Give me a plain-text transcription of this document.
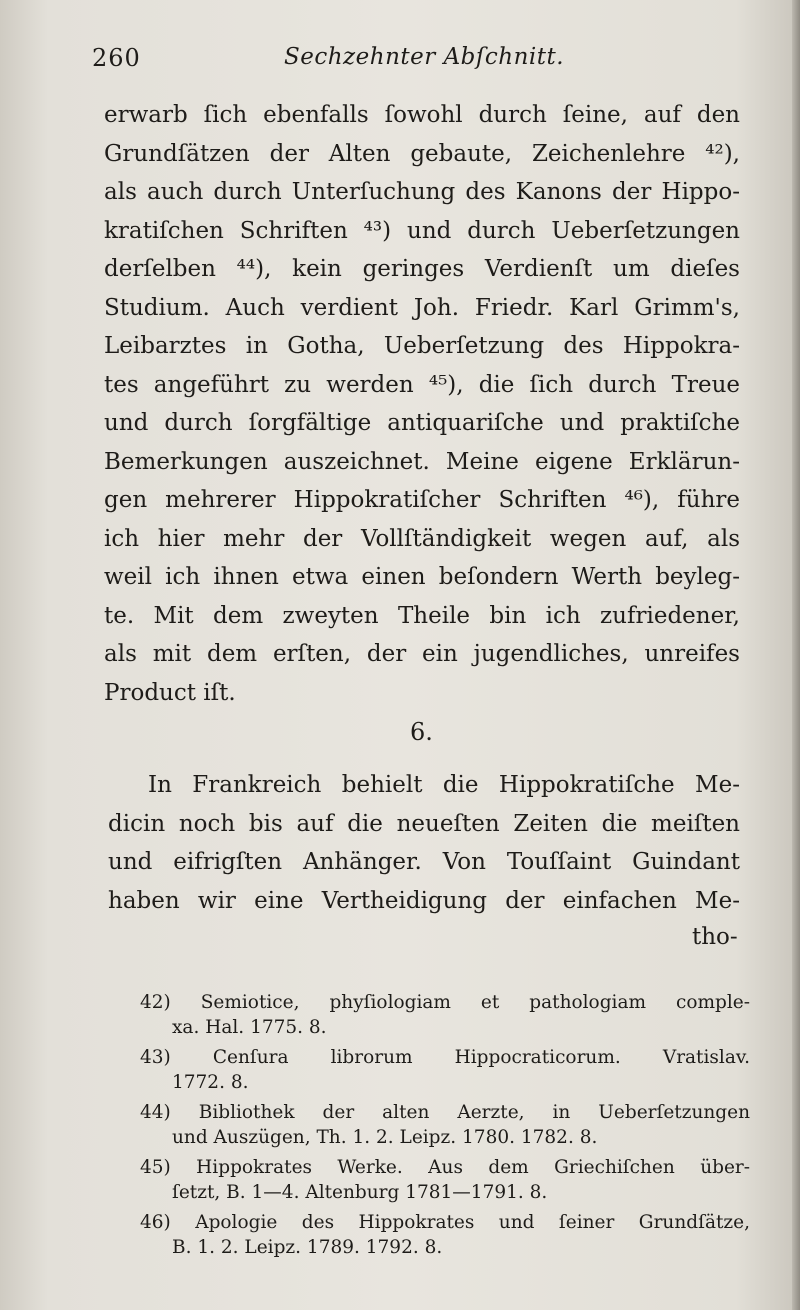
260	Sechzehnter Abſchnitt.
erwarb ſich ebenfalls ſowohl durch ſeine, auf den
Grundſätzen der Alten gebaute, Zeichenlehre ⁴²),
als auch durch Unterſuchung des Kanons der Hippo-
kratiſchen Schriften ⁴³) und durch Ueberſetzungen
derſelben ⁴⁴), kein geringes Verdienſt um dieſes
Studium. Auch verdient Joh. Friedr. Karl Grimm's,
Leibarztes in Gotha, Ueberſetzung des Hippokra-
tes angeführt zu werden ⁴⁵), die ſich durch Treue
und durch ſorgfältige antiquariſche und praktiſche
Bemerkungen auszeichnet. Meine eigene Erklärun-
gen mehrerer Hippokratiſcher Schriften ⁴⁶), führe
ich hier mehr der Vollſtändigkeit wegen auf, als
weil ich ihnen etwa einen beſondern Werth beyleg-
te. Mit dem zweyten Theile bin ich zufriedener,
als mit dem erſten, der ein jugendliches, unreifes
Product iſt.
6.
In Frankreich behielt die Hippokratiſche Me-
dicin noch bis auf die neueſten Zeiten die meiſten
und eifrigſten Anhänger. Von Touſſaint Guindant
haben wir eine Vertheidigung der einfachen Me-
tho-
42) Semiotice, phyſiologiam et pathologiam comple-
xa. Hal. 1775. 8.
43) Cenſura librorum Hippocraticorum. Vratislav.
1772. 8.
44) Bibliothek der alten Aerzte, in Ueberſetzungen
und Auszügen, Th. 1. 2. Leipz. 1780. 1782. 8.
45) Hippokrates Werke. Aus dem Griechiſchen über-
ſetzt, B. 1—4. Altenburg 1781—1791. 8.
46) Apologie des Hippokrates und ſeiner Grundſätze,
B. 1. 2. Leipz. 1789. 1792. 8.
